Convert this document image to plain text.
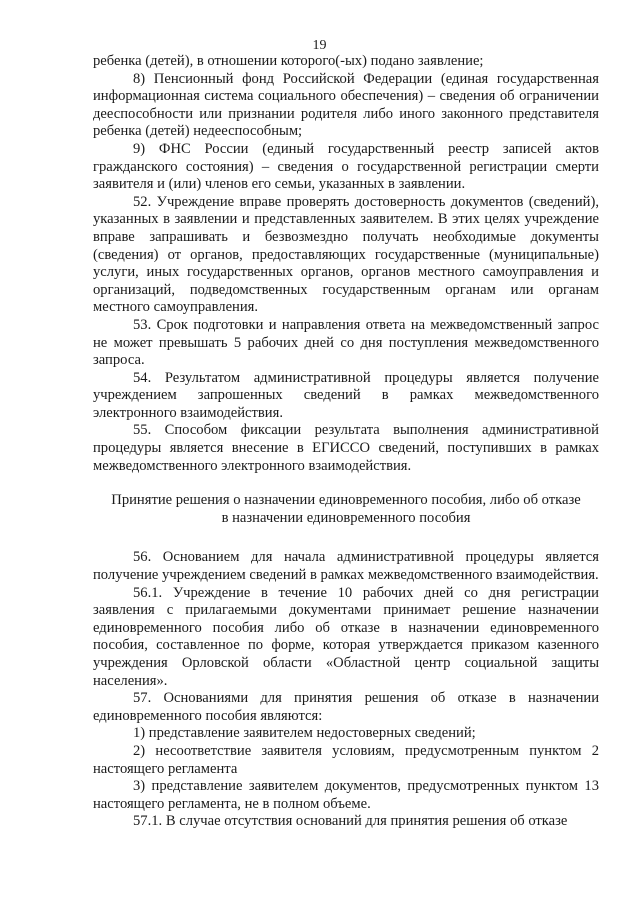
19

ребенка (детей), в отношении которого(-ых) подано заявление;

8) Пенсионный фонд Российской Федерации (единая государственная информационная система социального обеспечения) – сведения об ограничении дееспособности или признании родителя либо иного законного представителя ребенка (детей) недееспособным;

9) ФНС России (единый государственный реестр записей актов гражданского состояния) – сведения о государственной регистрации смерти заявителя и (или) членов его семьи, указанных в заявлении.

52. Учреждение вправе проверять достоверность документов (сведений), указанных в заявлении и представленных заявителем. В этих целях учреждение вправе запрашивать и безвозмездно получать необходимые документы (сведения) от органов, предоставляющих государственные (муниципальные) услуги, иных государственных органов, органов местного самоуправления и организаций, подведомственных государственным органам или органам местного самоуправления.

53. Срок подготовки и направления ответа на межведомственный запрос не может превышать 5 рабочих дней со дня поступления межведомственного запроса.

54. Результатом административной процедуры является получение учреждением запрошенных сведений в рамках межведомственного электронного взаимодействия.

55. Способом фиксации результата выполнения административной процедуры является внесение в ЕГИССО сведений, поступивших в рамках межведомственного электронного взаимодействия.

Принятие решения о назначении единовременного пособия, либо об отказе

в назначении единовременного пособия

56. Основанием для начала административной процедуры является получение учреждением сведений в рамках межведомственного взаимодействия.

56.1. Учреждение в течение 10 рабочих дней со дня регистрации заявления с прилагаемыми документами принимает решение назначении единовременного пособия либо об отказе в назначении единовременного пособия, составленное по форме, которая утверждается приказом казенного учреждения Орловской области «Областной центр социальной защиты населения».

57. Основаниями для принятия решения об отказе в назначении единовременного пособия являются:

1) представление заявителем недостоверных сведений;

2) несоответствие заявителя условиям, предусмотренным пунктом 2 настоящего регламента

3) представление заявителем документов, предусмотренных пунктом 13 настоящего регламента, не в полном объеме.

57.1. В случае отсутствия оснований для принятия решения об отказе
